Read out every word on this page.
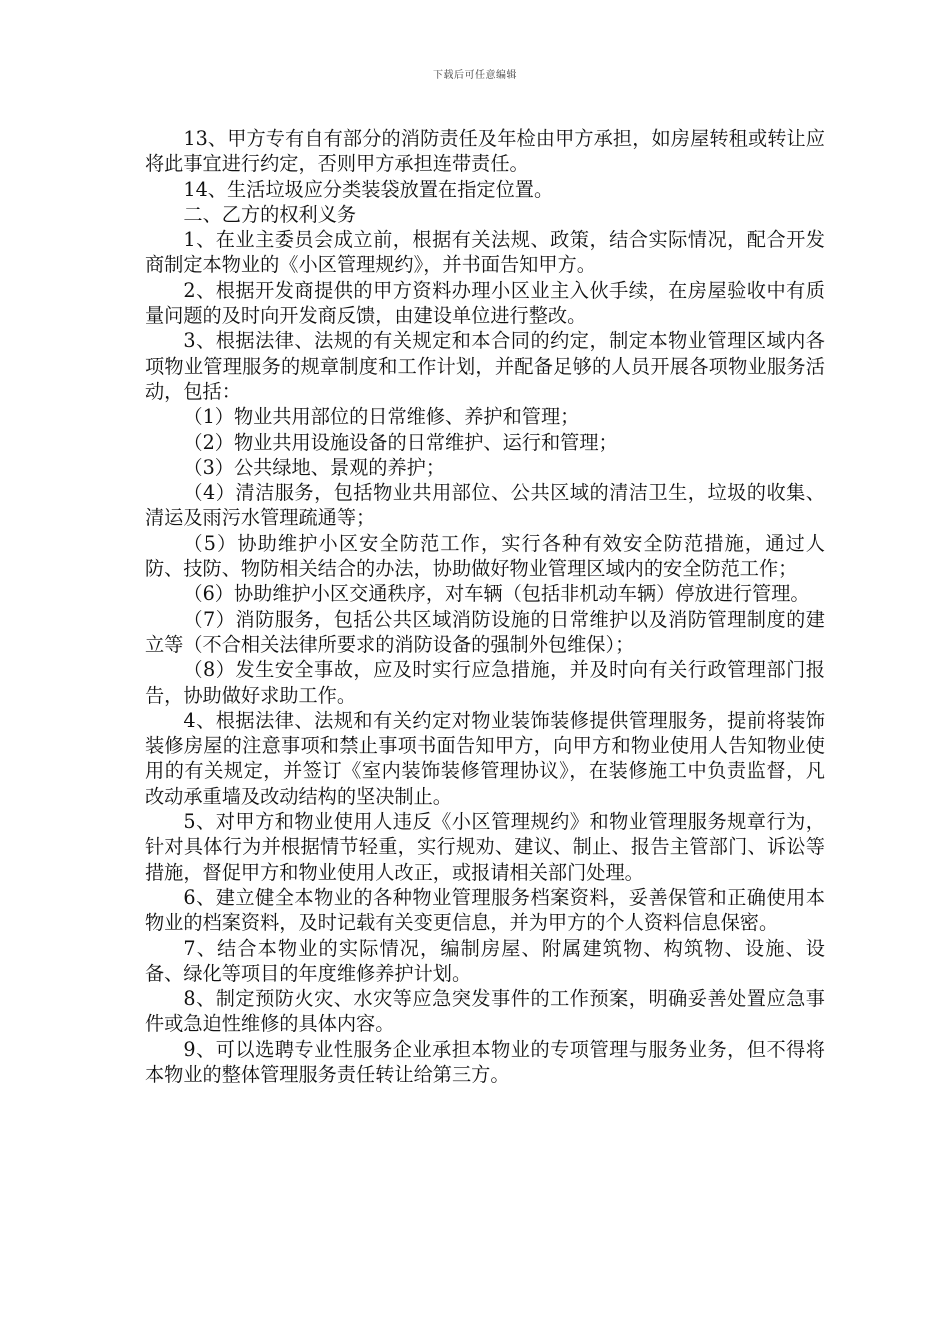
下载后可任意编辑

13、甲方专有自有部分的消防责任及年检由甲方承担，如房屋转租或转让应将此事宜进行约定，否则甲方承担连带责任。

14、生活垃圾应分类装袋放置在指定位置。

二、乙方的权利义务

1、在业主委员会成立前，根据有关法规、政策，结合实际情况，配合开发商制定本物业的《小区管理规约》，并书面告知甲方。

2、根据开发商提供的甲方资料办理小区业主入伙手续，在房屋验收中有质量问题的及时向开发商反馈，由建设单位进行整改。

3、根据法律、法规的有关规定和本合同的约定，制定本物业管理区域内各项物业管理服务的规章制度和工作计划，并配备足够的人员开展各项物业服务活动，包括：

（1）物业共用部位的日常维修、养护和管理；

（2）物业共用设施设备的日常维护、运行和管理；

（3）公共绿地、景观的养护；

（4）清洁服务，包括物业共用部位、公共区域的清洁卫生，垃圾的收集、清运及雨污水管理疏通等；

（5）协助维护小区安全防范工作，实行各种有效安全防范措施，通过人防、技防、物防相关结合的办法，协助做好物业管理区域内的安全防范工作；

（6）协助维护小区交通秩序，对车辆（包括非机动车辆）停放进行管理。

（7）消防服务，包括公共区域消防设施的日常维护以及消防管理制度的建立等（不合相关法律所要求的消防设备的强制外包维保）；

（8）发生安全事故，应及时实行应急措施，并及时向有关行政管理部门报告，协助做好求助工作。

4、根据法律、法规和有关约定对物业装饰装修提供管理服务，提前将装饰装修房屋的注意事项和禁止事项书面告知甲方，向甲方和物业使用人告知物业使用的有关规定，并签订《室内装饰装修管理协议》，在装修施工中负责监督，凡改动承重墙及改动结构的坚决制止。

5、对甲方和物业使用人违反《小区管理规约》和物业管理服务规章行为，针对具体行为并根据情节轻重，实行规劝、建议、制止、报告主管部门、诉讼等措施，督促甲方和物业使用人改正，或报请相关部门处理。

6、建立健全本物业的各种物业管理服务档案资料，妥善保管和正确使用本物业的档案资料，及时记载有关变更信息，并为甲方的个人资料信息保密。

7、结合本物业的实际情况，编制房屋、附属建筑物、构筑物、设施、设备、绿化等项目的年度维修养护计划。

8、制定预防火灾、水灾等应急突发事件的工作预案，明确妥善处置应急事件或急迫性维修的具体内容。

9、可以选聘专业性服务企业承担本物业的专项管理与服务业务，但不得将本物业的整体管理服务责任转让给第三方。
